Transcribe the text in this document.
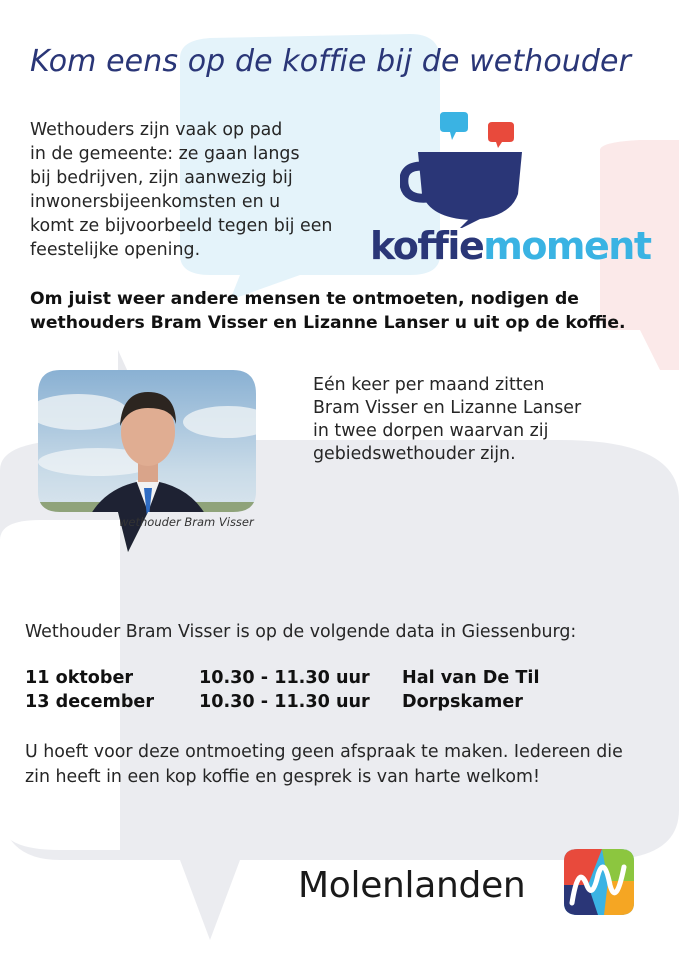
Kom eens op de koffie bij de wethouder
Wethouders zijn vaak op pad
in de gemeente: ze gaan langs
bij bedrijven, zijn aanwezig bij
inwonersbijeenkomsten en u
komt ze bijvoorbeeld tegen bij een
feestelijke opening.	koffiemoment
Om juist weer andere mensen te ontmoeten, nodigen de
wethouders Bram Visser en Lizanne Lanser u uit op de koffie.
wethouder Bram Visser
Eén keer per maand zitten
Bram Visser en Lizanne Lanser
in twee dorpen waarvan zij
gebiedswethouder zijn.
Wethouder Bram Visser is op de volgende data in Giessenburg:
11 oktober	10.30 - 11.30 uur Hal van De Til
13 december	10.30 - 11.30 uur Dorpskamer
U hoeft voor deze ontmoeting geen afspraak te maken. Iedereen die
zin heeft in een kop koffie en gesprek is van harte welkom!
Molenlanden
